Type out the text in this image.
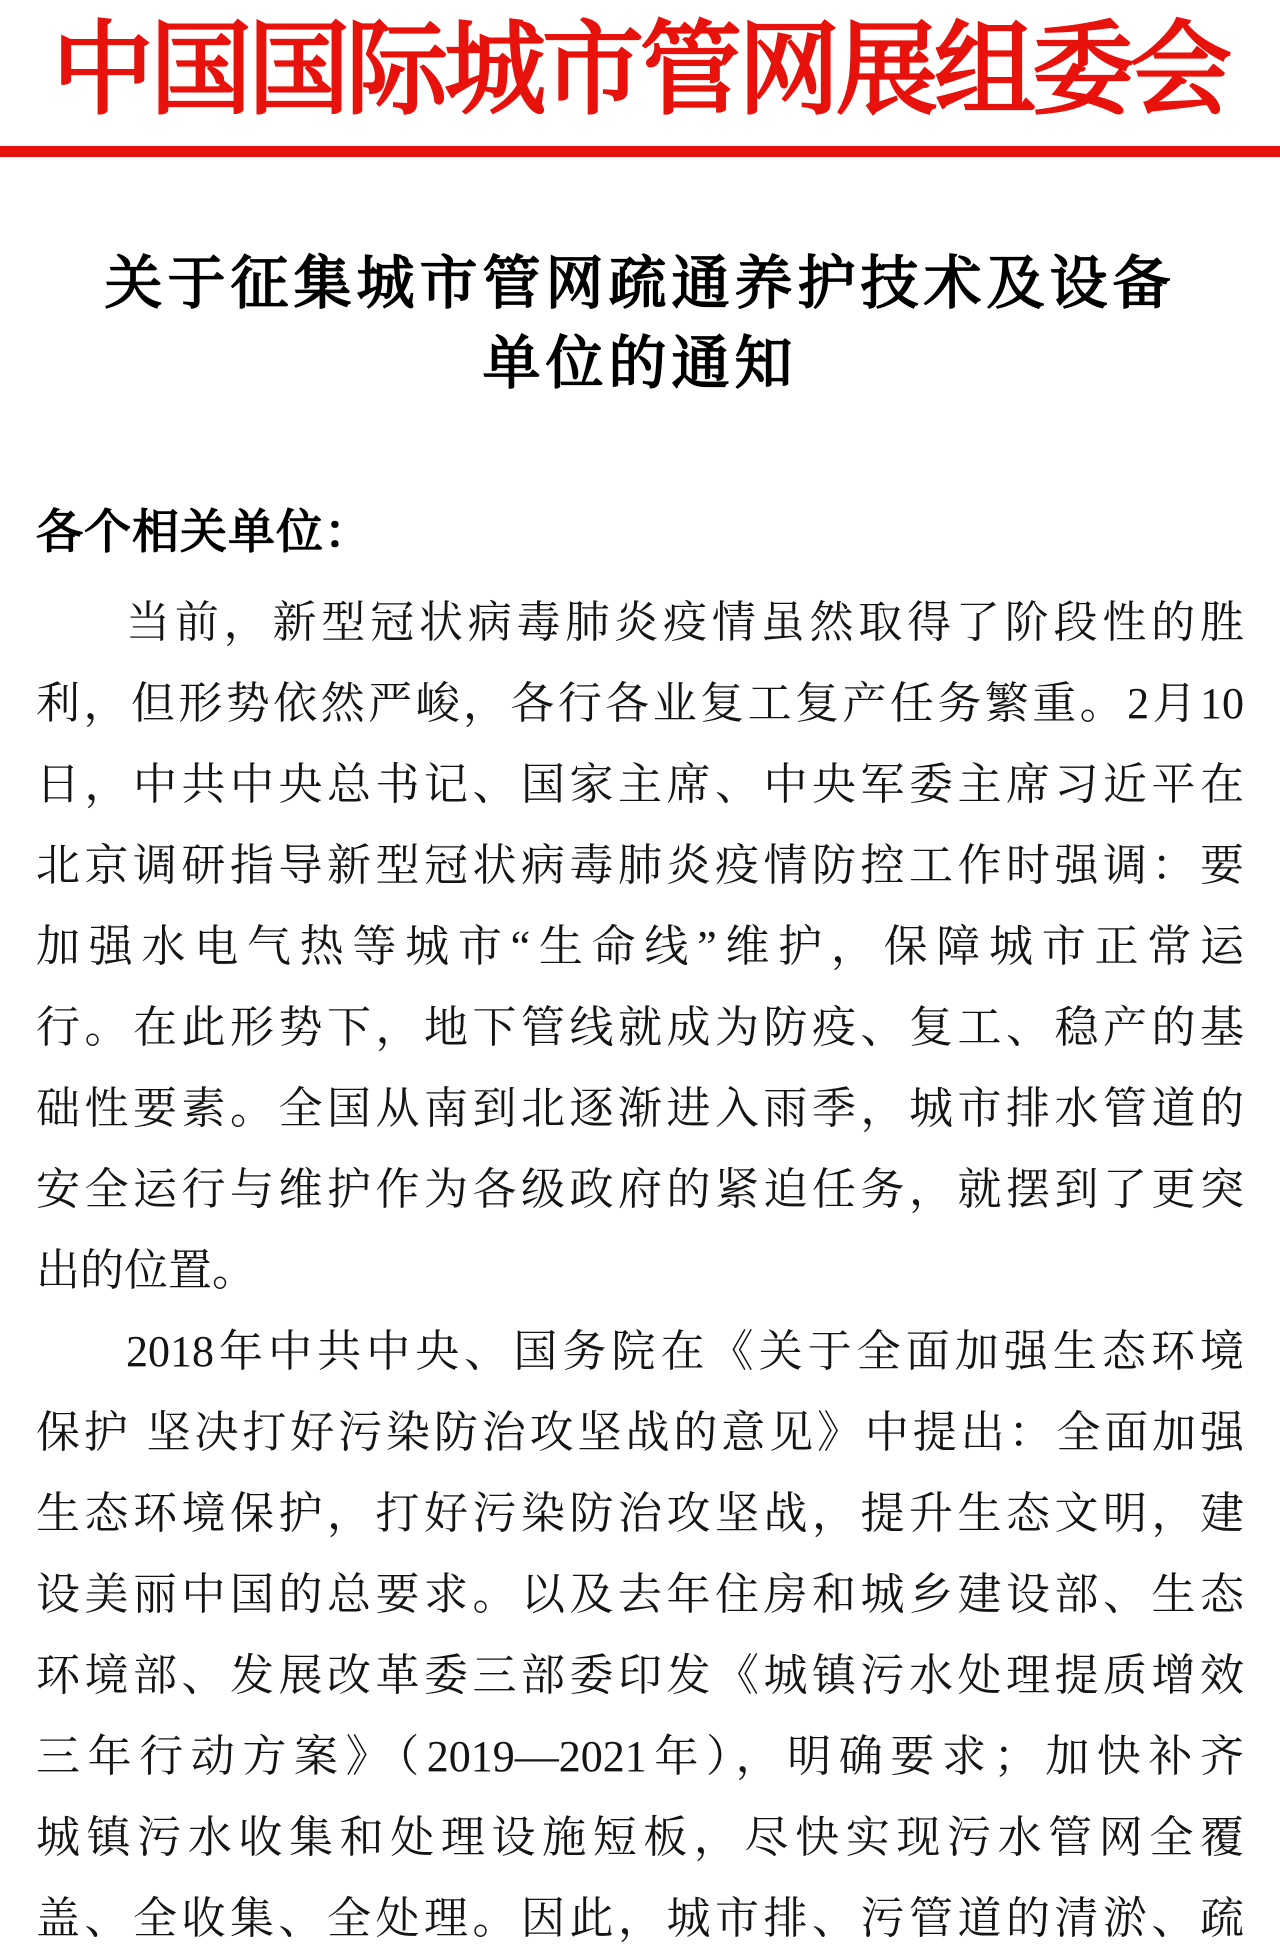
中国国际城市管网展组委会
关于征集城市管网疏通养护技术及设备
单位的通知
各个相关单位：
当前，新型冠状病毒肺炎疫情虽然取得了阶段性的胜
利，但形势依然严峻，各行各业复工复产任务繁重。2月10
日，中共中央总书记、国家主席、中央军委主席习近平在
北京调研指导新型冠状病毒肺炎疫情防控工作时强调：要
加强水电气热等城市“生命线”维护，保障城市正常运
行。在此形势下，地下管线就成为防疫、复工、稳产的基
础性要素。全国从南到北逐渐进入雨季，城市排水管道的
安全运行与维护作为各级政府的紧迫任务，就摆到了更突
出的位置。
2018年中共中央、国务院在《关于全面加强生态环境
保护 坚决打好污染防治攻坚战的意见》中提出：全面加强
生态环境保护，打好污染防治攻坚战，提升生态文明，建
设美丽中国的总要求。以及去年住房和城乡建设部、生态
环境部、发展改革委三部委印发《城镇污水处理提质增效
三年行动方案》（2019—2021年），明确要求；加快补齐
城镇污水收集和处理设施短板，尽快实现污水管网全覆
盖、全收集、全处理。因此，城市排、污管道的清淤、疏
